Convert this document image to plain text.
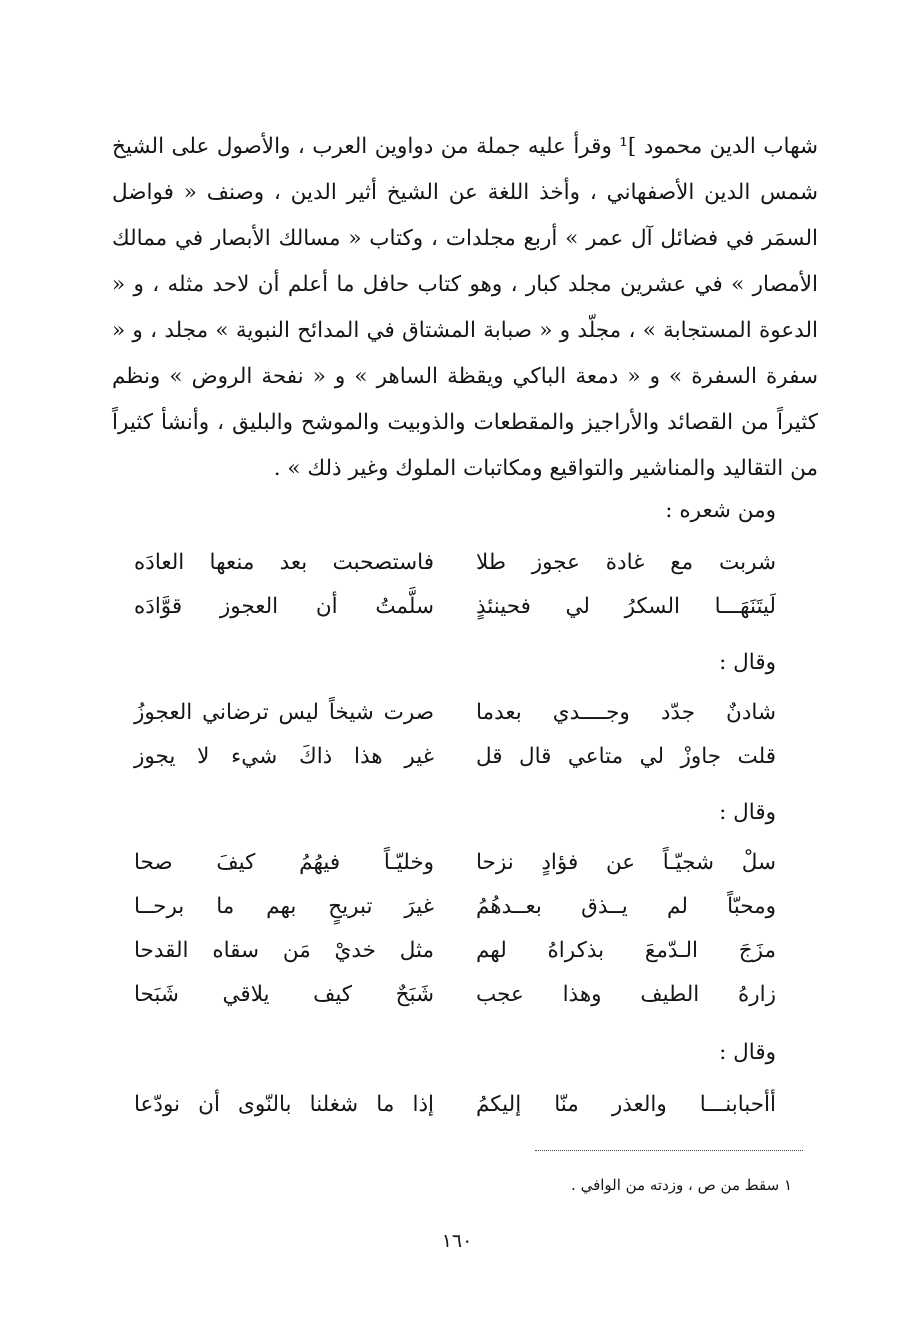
شهاب الدين محمود ]¹ وقرأ عليه جملة من دواوين العرب ، والأصول على الشيخ شمس الدين الأصفهاني ، وأخذ اللغة عن الشيخ أثير الدين ، وصنف « فواضل السمَر في فضائل آل عمر » أربع مجلدات ، وكتاب « مسالك الأبصار في ممالك الأمصار » في عشرين مجلد كبار ، وهو كتاب حافل ما أعلم أن لاحد مثله ، و « الدعوة المستجابة » ، مجلّد و « صبابة المشتاق في المدائح النبوية » مجلد ، و « سفرة السفرة » و « دمعة الباكي ويقظة الساهر » و « نفحة الروض » ونظم كثيراً من القصائد والأراجيز والمقطعات والذوبيت والموشح والبليق ، وأنشأ كثيراً من التقاليد والمناشير والتواقيع ومكاتبات الملوك وغير ذلك » .

ومن شعره :
شربت مع غادة عجوز طلا
فاستصحبت بعد منعها العادَه
لَيتَنَهَـــا السكرُ لي فحينئذٍ
سلَّمتُ أن العجوز قوَّادَه
وقال :
شادنٌ جدّد وجــــدي بعدما
صرت شيخاً ليس ترضاني العجوزُ
قلت جاوزْ لي متاعي قال قل
غير هذا ذاكَ شيء لا يجوز
وقال :
سلْ شجيّـاً عن فؤادٍ نزحا
وخليّـاً فيهُمُ كيفَ صحا
ومحبّاً لم يــذق بعــدهُمُ
غيرَ تبريحٍ بهم ما برحــا
مزَجَ الـدّمعَ بذكراهُ لهم
مثل خديْ مَن سقاه القدحا
زارهُ الطيف وهذا عجب
شَبَحٌ كيف يلاقي شَبَحا
وقال :
أأحبابنـــا والعذر منّا إليكمُ
إذا ما شغلنا بالنّوى أن نودّعا
١ سقط من ص ، وزدته من الوافي .
١٦٠
